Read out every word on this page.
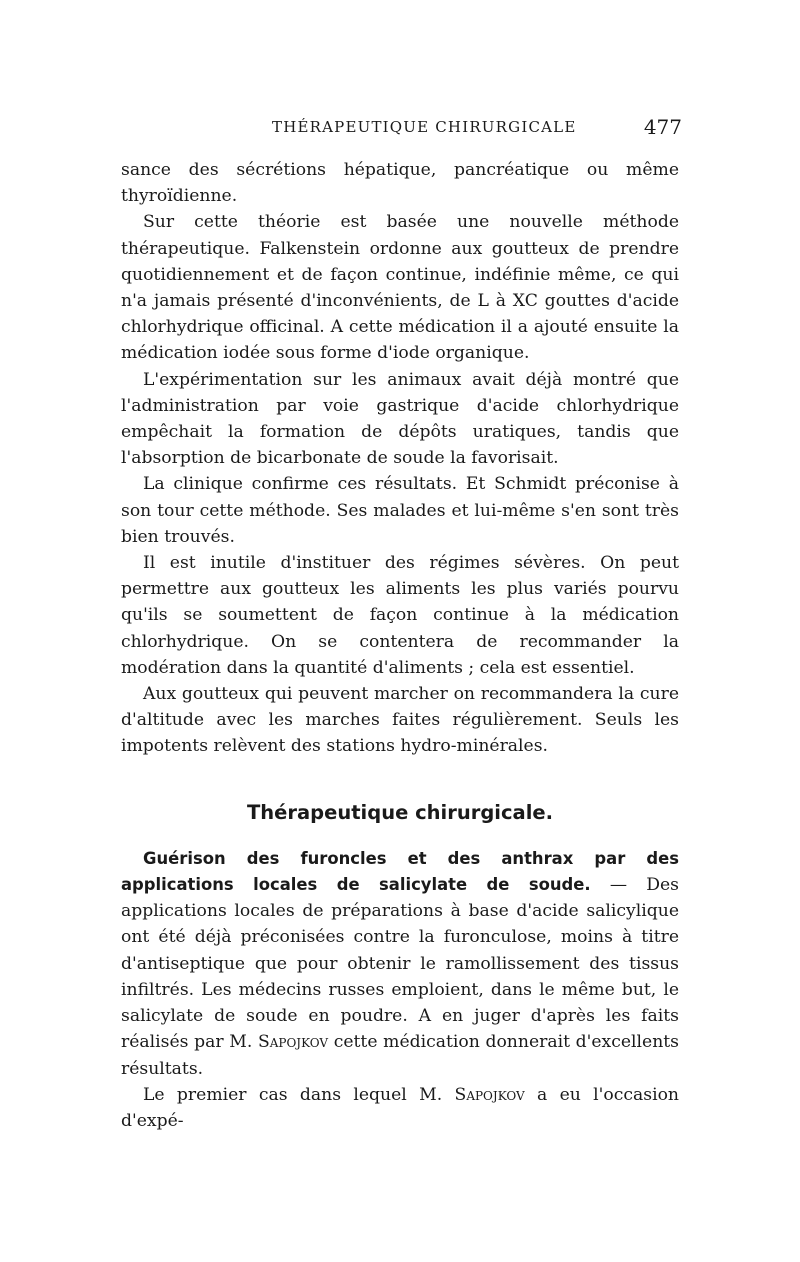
THÉRAPEUTIQUE CHIRURGICALE	477

sance des sécrétions hépatique, pancréatique ou même thyroïdienne.

Sur cette théorie est basée une nouvelle méthode thérapeutique. Falkenstein ordonne aux goutteux de prendre quotidiennement et de façon continue, indéfinie même, ce qui n'a jamais présenté d'inconvénients, de L à XC gouttes d'acide chlorhydrique officinal. A cette médication il a ajouté ensuite la médication iodée sous forme d'iode organique.

L'expérimentation sur les animaux avait déjà montré que l'administration par voie gastrique d'acide chlorhydrique empêchait la formation de dépôts uratiques, tandis que l'absorption de bicarbonate de soude la favorisait.

La clinique confirme ces résultats. Et Schmidt préconise à son tour cette méthode. Ses malades et lui-même s'en sont très bien trouvés.

Il est inutile d'instituer des régimes sévères. On peut permettre aux goutteux les aliments les plus variés pourvu qu'ils se soumettent de façon continue à la médication chlorhydrique. On se contentera de recommander la modération dans la quantité d'aliments ; cela est essentiel.

Aux goutteux qui peuvent marcher on recommandera la cure d'altitude avec les marches faites régulièrement. Seuls les impotents relèvent des stations hydro-minérales.

Thérapeutique chirurgicale.

Guérison des furoncles et des anthrax par des applications locales de salicylate de soude. — Des applications locales de préparations à base d'acide salicylique ont été déjà préconisées contre la furonculose, moins à titre d'antiseptique que pour obtenir le ramollissement des tissus infiltrés. Les médecins russes emploient, dans le même but, le salicylate de soude en poudre. A en juger d'après les faits réalisés par M. Sapojkov cette médication donnerait d'excellents résultats.

Le premier cas dans lequel M. Sapojkov a eu l'occasion d'expé-
